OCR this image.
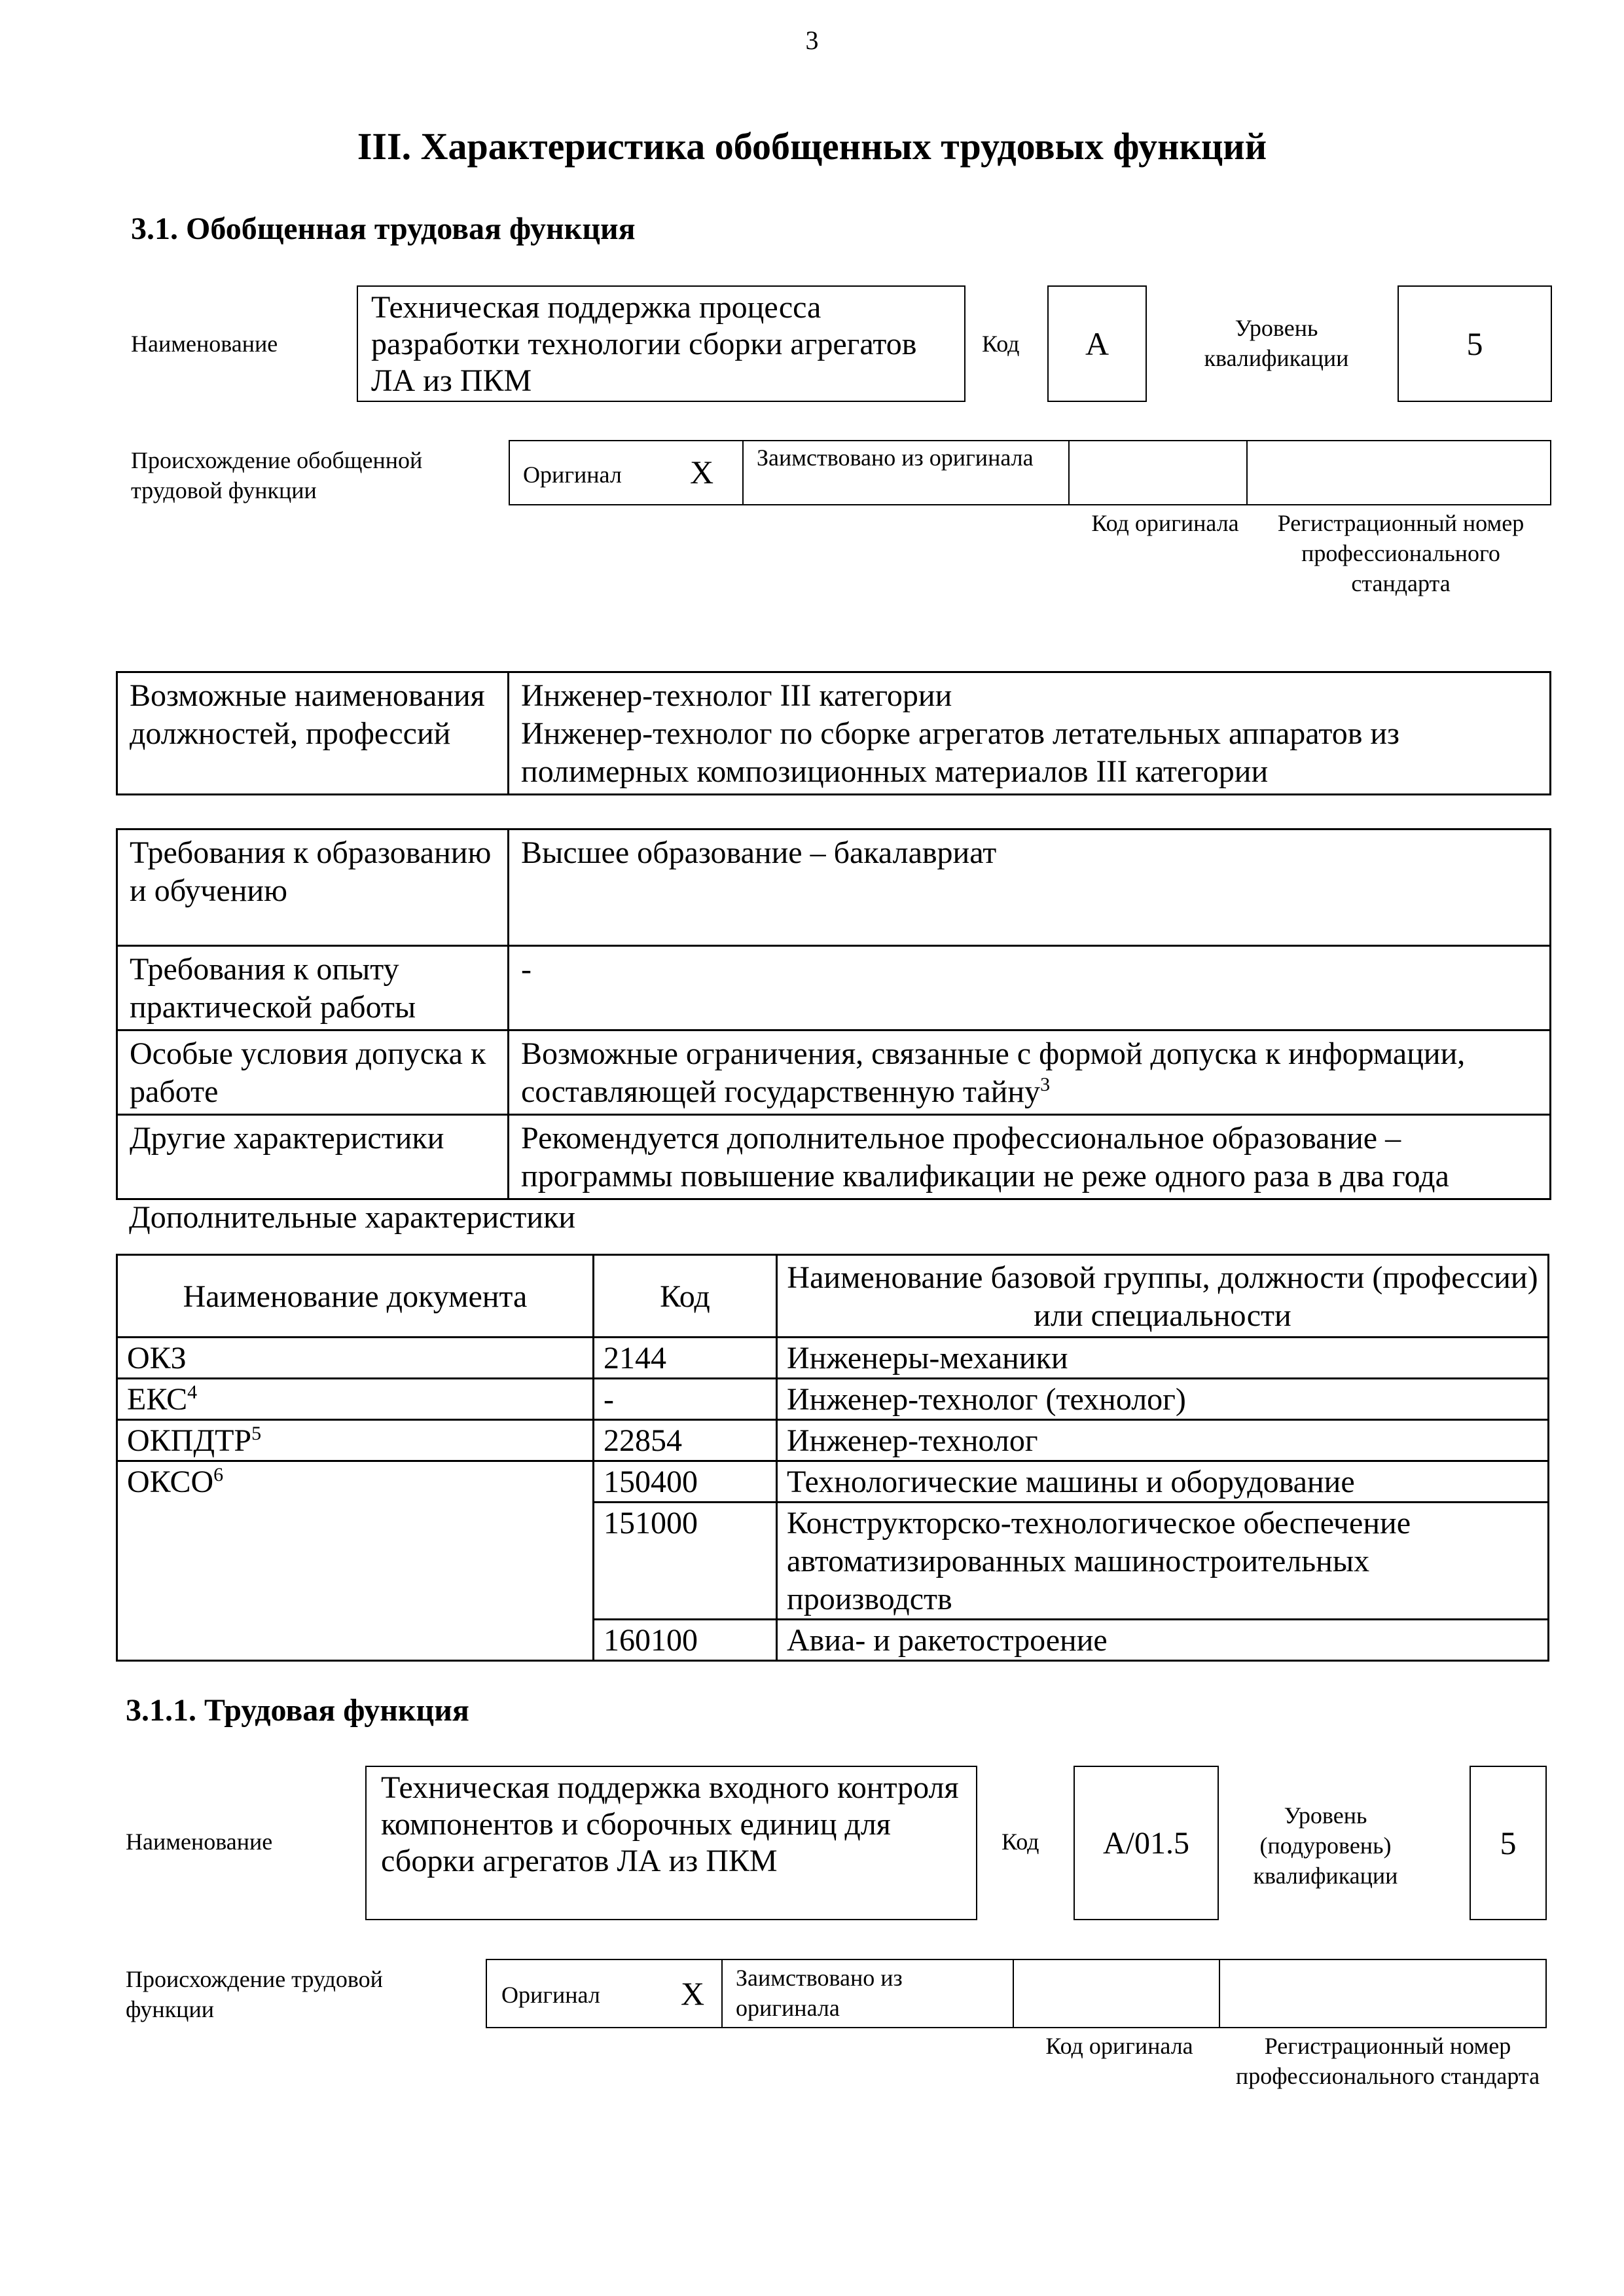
3
III. Характеристика обобщенных трудовых функций
3.1. Обобщенная трудовая функция
Наименование
Техническая поддержка процесса разработки технологии сборки агрегатов ЛА из ПКМ
Код А	Уровень квалификации	5
Происхождение обобщенной трудовой функции
Оригинал X Заимствовано из оригинала
Код оригинала	Регистрационный номер профессионального стандарта
Возможные наименования должностей, профессий	
Инженер-технолог III категории
Инженер-технолог по сборке агрегатов летательных аппаратов из полимерных композиционных материалов III категории
Требования к образованию и обучению	Высшее образование – бакалавриат
Требования к опыту практической работы	-
Особые условия допуска к работе	Возможные ограничения, связанные с формой допуска к информации, составляющей государственную тайну$^3$
Другие характеристики	Рекомендуется дополнительное профессиональное образование – программы повышение квалификации не реже одного раза в два года
Дополнительные характеристики
Наименование документа	Код	Наименование базовой группы, должности (профессии) или специальности
ОКЗ	2144	Инженеры-механики
ЕКС$^4$	-	Инженер-технолог (технолог)
ОКПДТР$^5$	22854	Инженер-технолог
ОКСО$^6$	150400	Технологические машины и оборудование
	151000	Конструкторско-технологическое обеспечение автоматизированных машиностроительных производств
	160100	Авиа- и ракетостроение
3.1.1. Трудовая функция
Наименование
Техническая поддержка входного контроля компонентов и сборочных единиц для сборки агрегатов ЛА из ПКМ
Код А/01.5
Уровень (подуровень) квалификации
5
Происхождение трудовой функции
Оригинал X Заимствовано из оригинала
Код оригинала	Регистрационный номер профессионального стандарта
